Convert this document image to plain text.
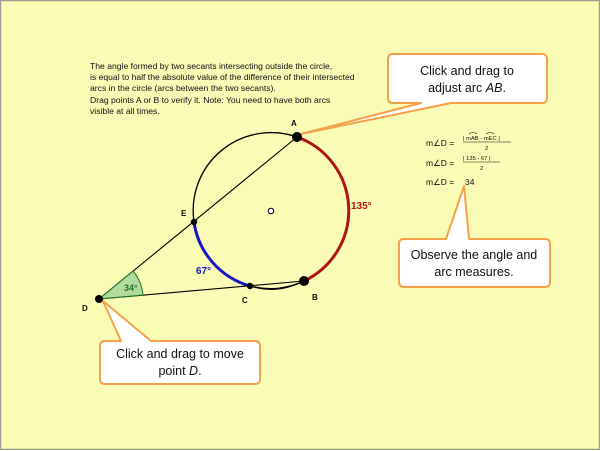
The angle formed by two secants intersecting outside the circle,
is equal to half the absolute value of the difference of their intersected
arcs in the circle (arcs between the two secants).
Drag points A or B to verify it. Note: You need to have both arcs
visible at all times.

Click and drag to
adjust arc AB.
Observe the angle and
arc measures.
Click and drag to move
point D.
34°
A
B
C
D
E
135°
67°
m∠D = | mAB - mEC |
2
m∠D = | 135 - 67 |
2
m∠D = 34
